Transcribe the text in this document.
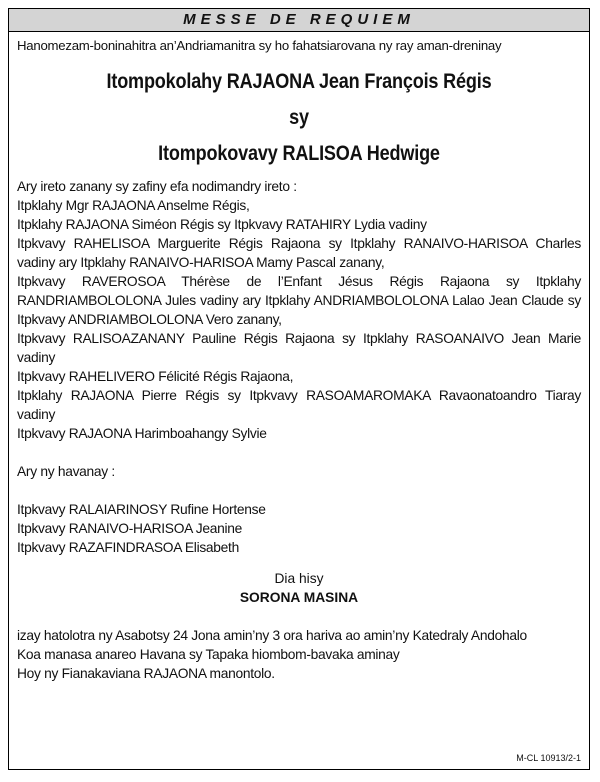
MESSE DE REQUIEM
Hanomezam-boninahitra an’Andriamanitra sy ho fahatsiarovana ny ray aman-dreninay
Itompokolahy RAJAONA Jean François Régis
sy
Itompokovavy RALISOA Hedwige

Ary ireto zanany sy zafiny efa nodimandry ireto :

Itpklahy Mgr RAJAONA Anselme Régis,

Itpklahy RAJAONA Siméon Régis sy Itpkvavy RATAHIRY Lydia vadiny

Itpkvavy RAHELISOA Marguerite Régis Rajaona sy Itpklahy RANAIVO-HARISOA Charles vadiny ary Itpklahy RANAIVO-HARISOA Mamy Pascal zanany,

Itpkvavy RAVEROSOA Thérèse de l’Enfant Jésus Régis Rajaona sy Itpklahy RANDRIAMBOLOLONA Jules vadiny ary Itpklahy ANDRIAMBOLOLONA Lalao Jean Claude sy Itpkvavy ANDRIAMBOLOLONA Vero zanany,

Itpkvavy RALISOAZANANY Pauline Régis Rajaona sy Itpklahy RASOANAIVO Jean Marie vadiny

Itpkvavy RAHELIVERO Félicité Régis Rajaona,

Itpklahy RAJAONA Pierre Régis sy Itpkvavy RASOAMAROMAKA Ravaonatoandro Tiaray vadiny

Itpkvavy RAJAONA Harimboahangy Sylvie

Ary ny havanay :

Itpkvavy RALAIARINOSY Rufine Hortense

Itpkvavy RANAIVO-HARISOA Jeanine

Itpkvavy RAZAFINDRASOA Elisabeth

Dia hisy
SORONA MASINA

izay hatolotra ny Asabotsy 24 Jona amin’ny 3 ora hariva ao amin’ny Katedraly Andohalo

Koa manasa anareo Havana sy Tapaka hiombom-bavaka aminay

Hoy ny Fianakaviana RAJAONA manontolo.

M-CL 10913/2-1
